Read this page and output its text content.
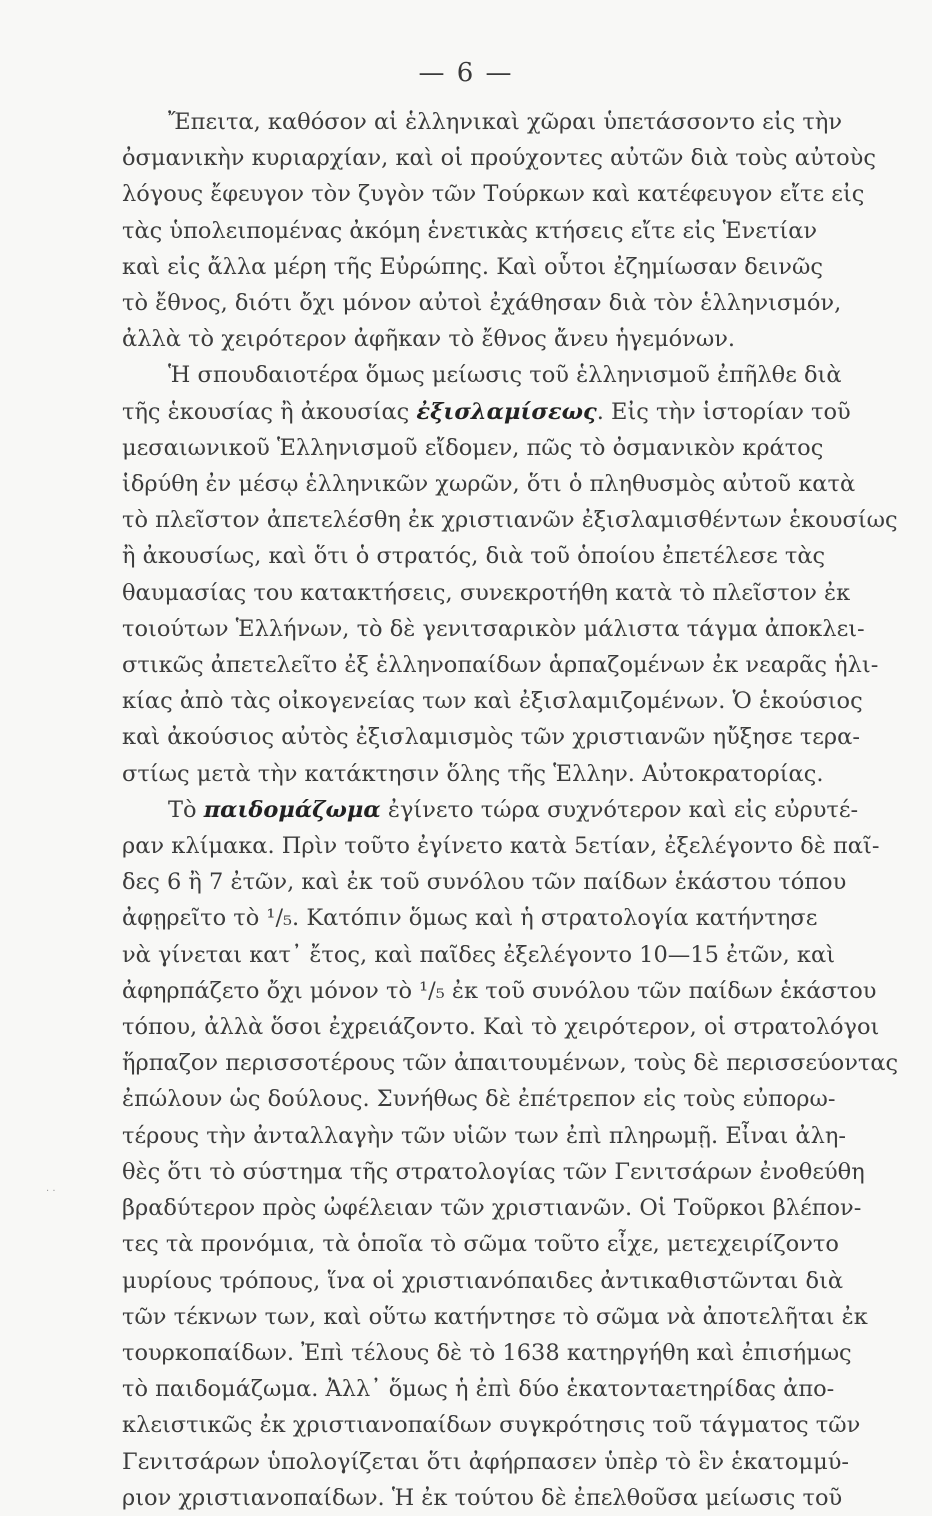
— 6 —
Ἔπειτα, καθόσον αἱ ἑλληνικαὶ χῶραι ὑπετάσσοντο εἰς τὴν
ὀσμανικὴν κυριαρχίαν, καὶ οἱ προύχοντες αὐτῶν διὰ τοὺς αὐτοὺς
λόγους ἔφευγον τὸν ζυγὸν τῶν Τούρκων καὶ κατέφευγον εἴτε εἰς
τὰς ὑπολειπομένας ἀκόμη ἑνετικὰς κτήσεις εἴτε εἰς Ἑνετίαν
καὶ εἰς ἄλλα μέρη τῆς Εὐρώπης. Καὶ οὗτοι ἐζημίωσαν δεινῶς
τὸ ἔθνος, διότι ὄχι μόνον αὐτοὶ ἐχάθησαν διὰ τὸν ἑλληνισμόν,
ἀλλὰ τὸ χειρότερον ἀφῆκαν τὸ ἔθνος ἄνευ ἡγεμόνων.
Ἡ σπουδαιοτέρα ὅμως μείωσις τοῦ ἑλληνισμοῦ ἐπῆλθε διὰ
τῆς ἑκουσίας ἢ ἀκουσίας ἐξισλαμίσεως. Εἰς τὴν ἱστορίαν τοῦ
μεσαιωνικοῦ Ἑλληνισμοῦ εἴδομεν, πῶς τὸ ὀσμανικὸν κράτος
ἱδρύθη ἐν μέσῳ ἑλληνικῶν χωρῶν, ὅτι ὁ πληθυσμὸς αὐτοῦ κατὰ
τὸ πλεῖστον ἀπετελέσθη ἐκ χριστιανῶν ἐξισλαμισθέντων ἑκουσίως
ἢ ἀκουσίως, καὶ ὅτι ὁ στρατός, διὰ τοῦ ὁποίου ἐπετέλεσε τὰς
θαυμασίας του κατακτήσεις, συνεκροτήθη κατὰ τὸ πλεῖστον ἐκ
τοιούτων Ἑλλήνων, τὸ δὲ γενιτσαρικὸν μάλιστα τάγμα ἀποκλει-
στικῶς ἀπετελεῖτο ἐξ ἑλληνοπαίδων ἁρπαζομένων ἐκ νεαρᾶς ἡλι-
κίας ἀπὸ τὰς οἰκογενείας των καὶ ἐξισλαμιζομένων. Ὁ ἑκούσιος
καὶ ἀκούσιος αὐτὸς ἐξισλαμισμὸς τῶν χριστιανῶν ηὔξησε τερα-
στίως μετὰ τὴν κατάκτησιν ὅλης τῆς Ἑλλην. Αὐτοκρατορίας.
Τὸ παιδομάζωμα ἐγίνετο τώρα συχνότερον καὶ εἰς εὐρυτέ-
ραν κλίμακα. Πρὶν τοῦτο ἐγίνετο κατὰ 5ετίαν, ἐξελέγοντο δὲ παῖ-
δες 6 ἢ 7 ἐτῶν, καὶ ἐκ τοῦ συνόλου τῶν παίδων ἑκάστου τόπου
ἀφῃρεῖτο τὸ ¹/₅. Κατόπιν ὅμως καὶ ἡ στρατολογία κατήντησε
νὰ γίνεται κατ᾽ ἔτος, καὶ παῖδες ἐξελέγοντο 10—15 ἐτῶν, καὶ
ἀφηρπάζετο ὄχι μόνον τὸ ¹/₅ ἐκ τοῦ συνόλου τῶν παίδων ἑκάστου
τόπου, ἀλλὰ ὅσοι ἐχρειάζοντο. Καὶ τὸ χειρότερον, οἱ στρατολόγοι
ἥρπαζον περισσοτέρους τῶν ἀπαιτουμένων, τοὺς δὲ περισσεύοντας
ἐπώλουν ὡς δούλους. Συνήθως δὲ ἐπέτρεπον εἰς τοὺς εὐπορω-
τέρους τὴν ἀνταλλαγὴν τῶν υἱῶν των ἐπὶ πληρωμῇ. Εἶναι ἀλη-
θὲς ὅτι τὸ σύστημα τῆς στρατολογίας τῶν Γενιτσάρων ἐνοθεύθη
βραδύτερον πρὸς ὠφέλειαν τῶν χριστιανῶν. Οἱ Τοῦρκοι βλέπον-
τες τὰ προνόμια, τὰ ὁποῖα τὸ σῶμα τοῦτο εἶχε, μετεχειρίζοντο
μυρίους τρόπους, ἵνα οἱ χριστιανόπαιδες ἀντικαθιστῶνται διὰ
τῶν τέκνων των, καὶ οὕτω κατήντησε τὸ σῶμα νὰ ἀποτελῆται ἐκ
τουρκοπαίδων. Ἐπὶ τέλους δὲ τὸ 1638 κατηργήθη καὶ ἐπισήμως
τὸ παιδομάζωμα. Ἀλλ᾽ ὅμως ἡ ἐπὶ δύο ἑκατονταετηρίδας ἀπο-
κλειστικῶς ἐκ χριστιανοπαίδων συγκρότησις τοῦ τάγματος τῶν
Γενιτσάρων ὑπολογίζεται ὅτι ἀφήρπασεν ὑπὲρ τὸ ἓν ἑκατομμύ-
ριον χριστιανοπαίδων. Ἡ ἐκ τούτου δὲ ἐπελθοῦσα μείωσις τοῦ
· ·
